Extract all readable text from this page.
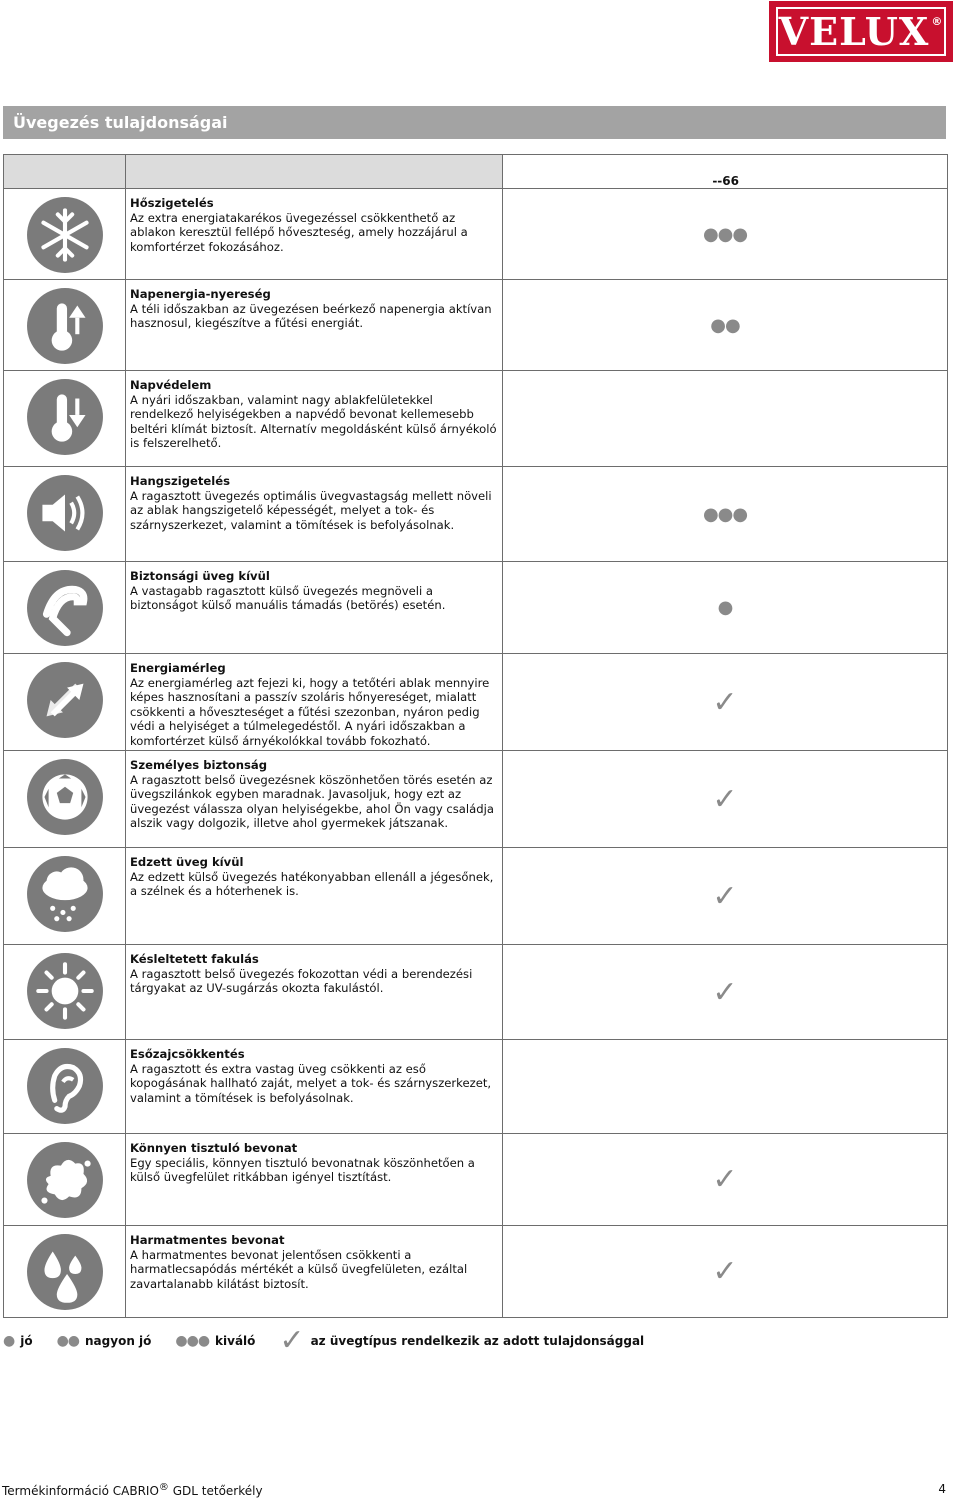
VELUX®
Üvegezés tulajdonságai
		--66

Hőszigetelés
Az extra energiatakarékos üvegezéssel csökkenthető az ablakon keresztül fellépő hőveszteség, amely hozzájárul a komfortérzet fokozásához.	●●●

Napenergia-nyereség
A téli időszakban az üvegezésen beérkező napenergia aktívan hasznosul, kiegészítve a fűtési energiát.	●●

Napvédelem
A nyári időszakban, valamint nagy ablakfelületekkel rendelkező helyiségekben a napvédő bevonat kellemesebb beltéri klímát biztosít. Alternatív megoldásként külső árnyékoló is felszerelhető.	

Hangszigetelés
A ragasztott üvegezés optimális üvegvastagság mellett növeli az ablak hangszigetelő képességét, melyet a tok- és szárnyszerkezet, valamint a tömítések is befolyásolnak.	●●●

Biztonsági üveg kívül
A vastagabb ragasztott külső üvegezés megnöveli a biztonságot külső manuális támadás (betörés) esetén.	●

Energiamérleg
Az energiamérleg azt fejezi ki, hogy a tetőtéri ablak mennyire képes hasznosítani a passzív szoláris hőnyereséget, mialatt csökkenti a hőveszteséget a fűtési szezonban, nyáron pedig védi a helyiséget a túlmelegedéstől. A nyári időszakban a komfortérzet külső árnyékolókkal tovább fokozható.	✓

Személyes biztonság
A ragasztott belső üvegezésnek köszönhetően törés esetén az üvegszilánkok egyben maradnak. Javasoljuk, hogy ezt az üvegezést válassza olyan helyiségekbe, ahol Ön vagy családja alszik vagy dolgozik, illetve ahol gyermekek játszanak.	✓

Edzett üveg kívül
Az edzett külső üvegezés hatékonyabban ellenáll a jégesőnek, a szélnek és a hóterhenek is.	✓

Késleltetett fakulás
A ragasztott belső üvegezés fokozottan védi a berendezési tárgyakat az UV-sugárzás okozta fakulástól.	✓

Esőzajcsökkentés
A ragasztott és extra vastag üveg csökkenti az eső kopogásának hallható zaját, melyet a tok- és szárnyszerkezet, valamint a tömítések is befolyásolnak.	

Könnyen tisztuló bevonat
Egy speciális, könnyen tisztuló bevonatnak köszönhetően a külső üvegfelület ritkábban igényel tisztítást.	✓

Harmatmentes bevonat
A harmatmentes bevonat jelentősen csökkenti a harmatlecsapódás mértékét a külső üvegfelületen, ezáltal zavartalanabb kilátást biztosít.	✓
● jó ●● nagyon jó ●●● kiváló ✓ az üvegtípus rendelkezik az adott tulajdonsággal
Termékinformáció CABRIO® GDL tetőerkély	4
